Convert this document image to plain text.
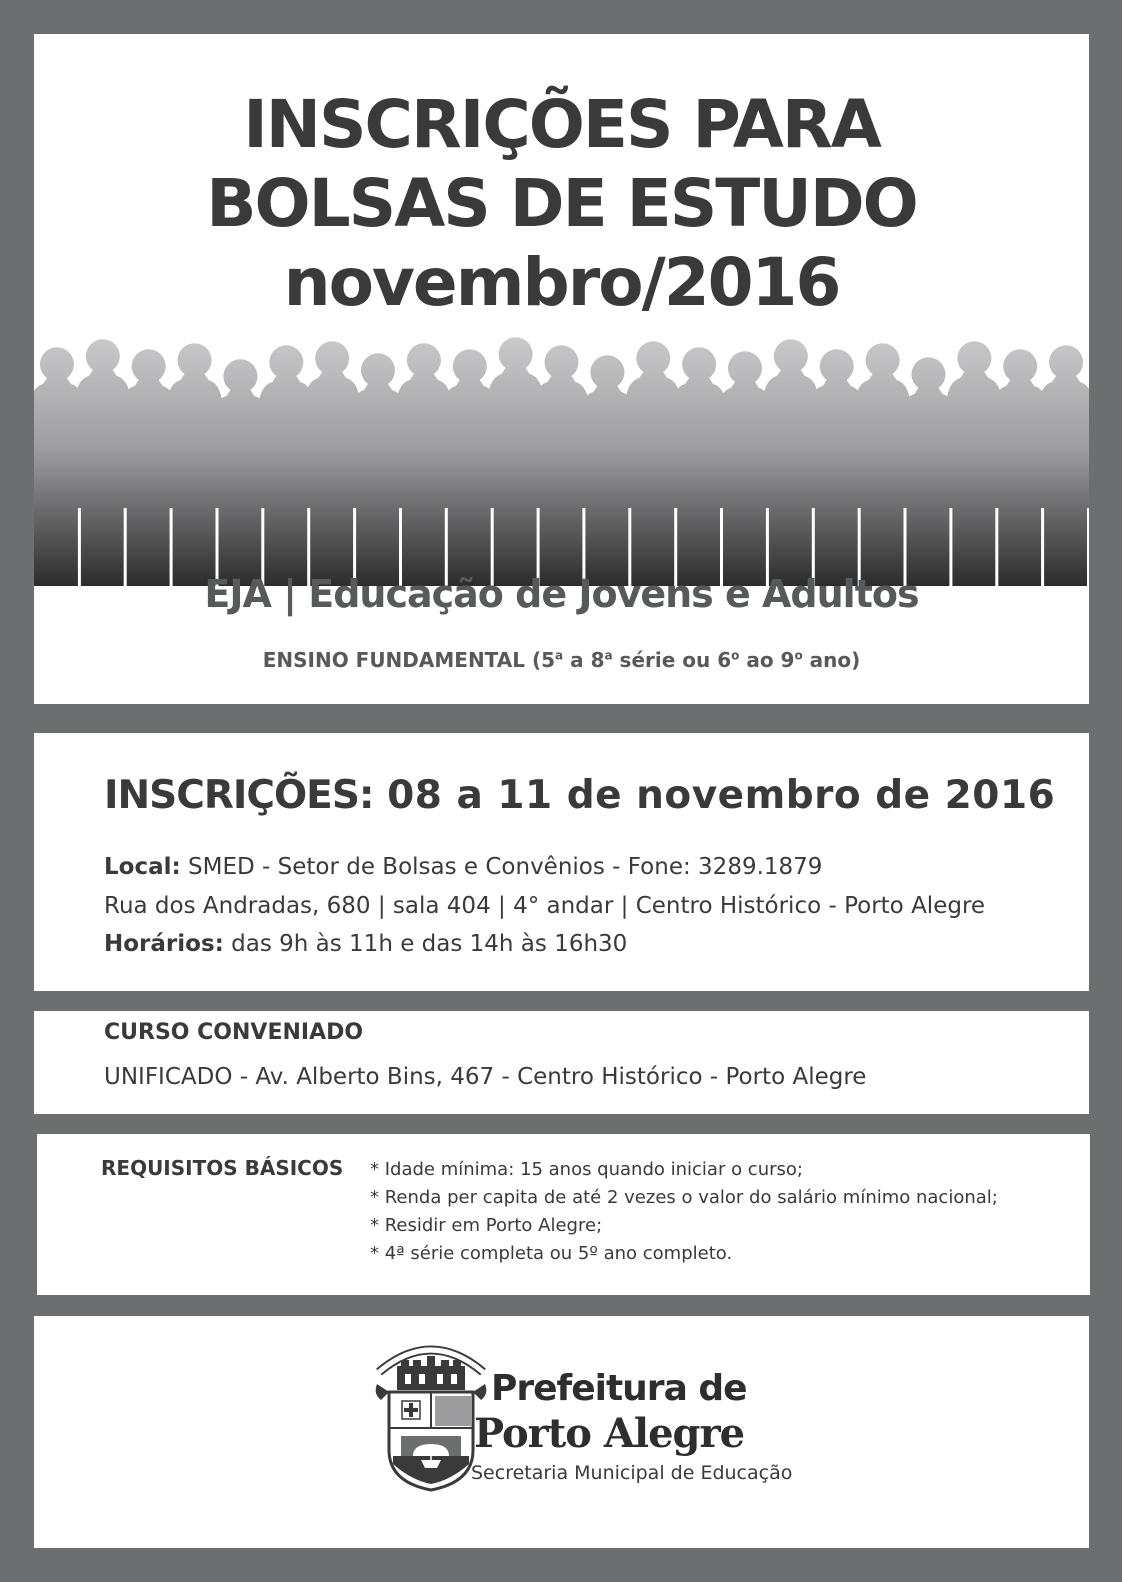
INSCRIÇÕES PARA
BOLSAS DE ESTUDO
novembro/2016
EJA | Educação de Jovens e Adultos
ENSINO FUNDAMENTAL (5$^a$ a 8$^a$ série ou 6$^o$ ao 9$^o$ ano)
INSCRIÇÕES: 08 a 11 de novembro de 2016
Local: SMED - Setor de Bolsas e Convênios - Fone: 3289.1879
Rua dos Andradas, 680 | sala 404 | 4° andar | Centro Histórico - Porto Alegre
Horários: das 9h às 11h e das 14h às 16h30
CURSO CONVENIADO
UNIFICADO - Av. Alberto Bins, 467 - Centro Histórico - Porto Alegre
REQUISITOS BÁSICOS * Idade mínima: 15 anos quando iniciar o curso;
* Renda per capita de até 2 vezes o valor do salário mínimo nacional;
* Residir em Porto Alegre;
* 4ª série completa ou 5º ano completo.
Prefeitura de
Porto Alegre
Secretaria Municipal de Educação
